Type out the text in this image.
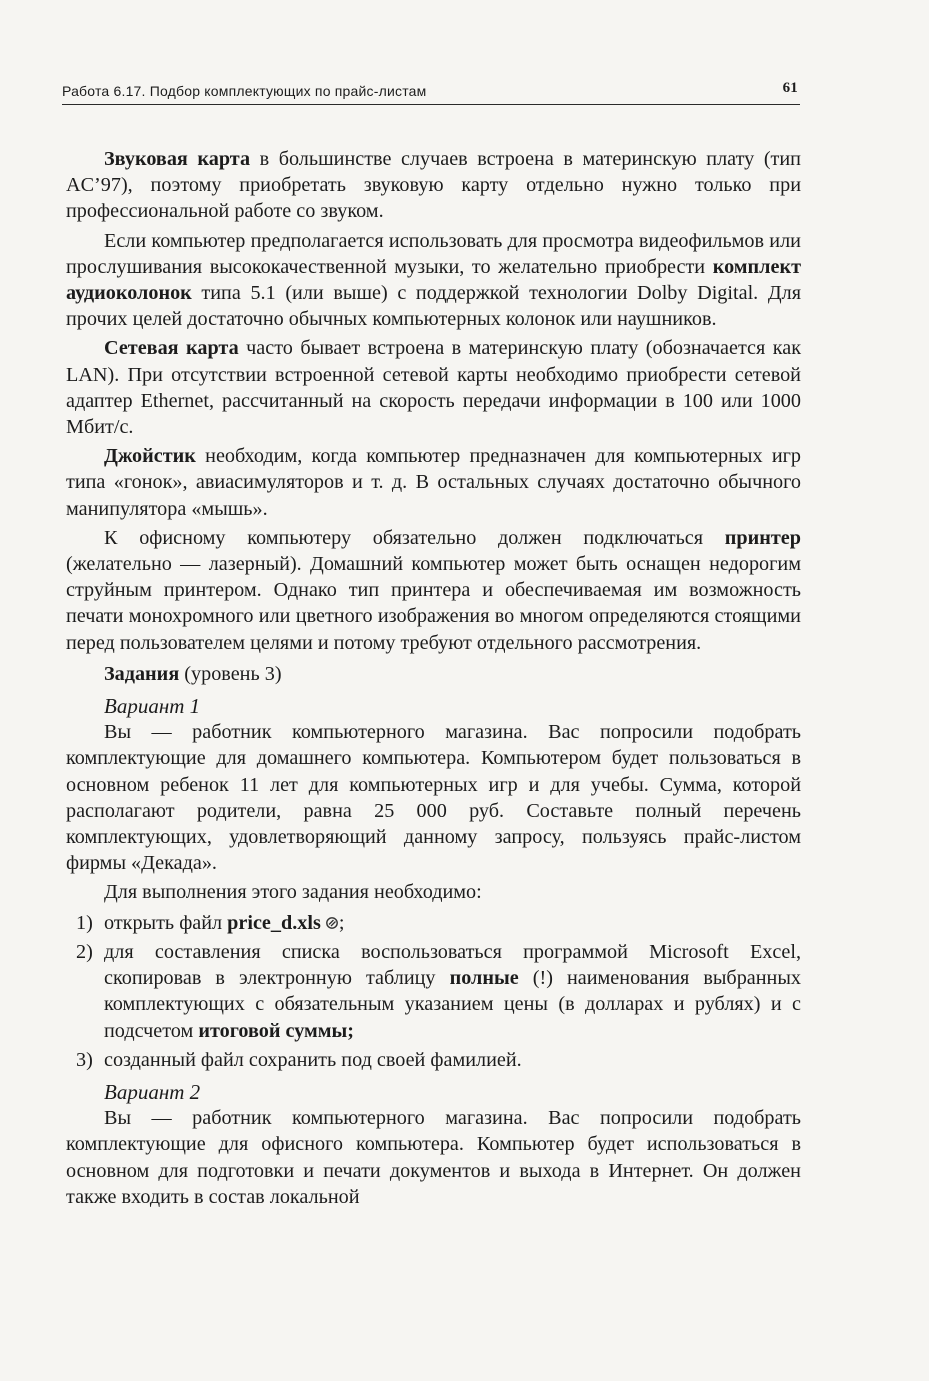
Работа 6.17. Подбор комплектующих по прайс-листам	61

Звуковая карта в большинстве случаев встроена в материнскую плату (тип AC’97), поэтому приобретать звуковую карту отдельно нужно только при профессиональной работе со звуком.

Если компьютер предполагается использовать для просмотра видеофильмов или прослушивания высококачественной музыки, то желательно приобрести комплект аудиоколонок типа 5.1 (или выше) с поддержкой технологии Dolby Digital. Для прочих целей достаточно обычных компьютерных колонок или наушников.

Сетевая карта часто бывает встроена в материнскую плату (обозначается как LAN). При отсутствии встроенной сетевой карты необходимо приобрести сетевой адаптер Ethernet, рассчитанный на скорость передачи информации в 100 или 1000 Мбит/с.

Джойстик необходим, когда компьютер предназначен для компьютерных игр типа «гонок», авиасимуляторов и т. д. В остальных случаях достаточно обычного манипулятора «мышь».

К офисному компьютеру обязательно должен подключаться принтер (желательно — лазерный). Домашний компьютер может быть оснащен недорогим струйным принтером. Однако тип принтера и обеспечиваемая им возможность печати монохромного или цветного изображения во многом определяются стоящими перед пользователем целями и потому требуют отдельного рассмотрения.

Задания (уровень 3)

Вариант 1

Вы — работник компьютерного магазина. Вас попросили подобрать комплектующие для домашнего компьютера. Компьютером будет пользоваться в основном ребенок 11 лет для компьютерных игр и для учебы. Сумма, которой располагают родители, равна 25 000 руб. Составьте полный перечень комплектующих, удовлетворяющий данному запросу, пользуясь прайс-листом фирмы «Декада».

Для выполнения этого задания необходимо:

1) открыть файл price_d.xls ;

2) для составления списка воспользоваться программой Microsoft Excel, скопировав в электронную таблицу полные (!) наименования выбранных комплектующих с обязательным указанием цены (в долларах и рублях) и с подсчетом итоговой суммы;

3) созданный файл сохранить под своей фамилией.

Вариант 2

Вы — работник компьютерного магазина. Вас попросили подобрать комплектующие для офисного компьютера. Компьютер будет использоваться в основном для подготовки и печати документов и выхода в Интернет. Он должен также входить в состав локальной
